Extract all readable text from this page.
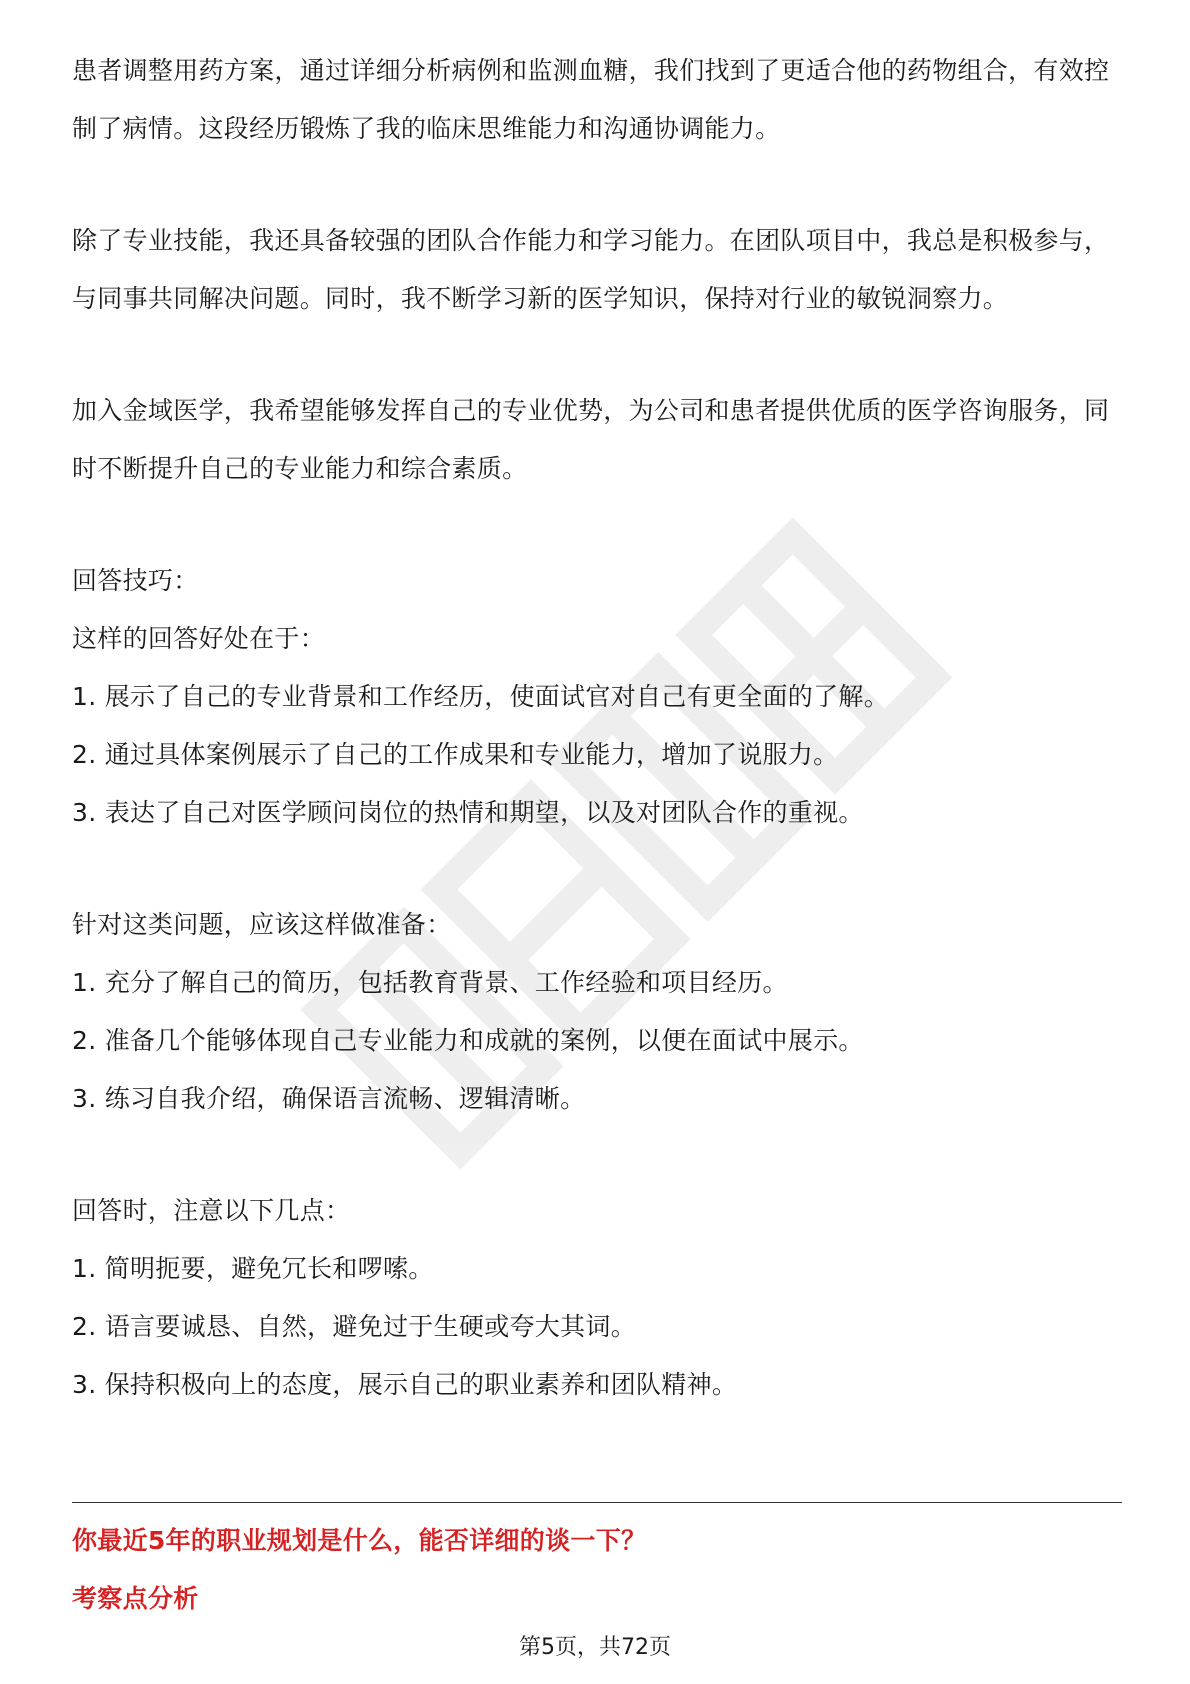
患者调整用药方案，通过详细分析病例和监测血糖，我们找到了更适合他的药物组合，有效控制了病情。这段经历锻炼了我的临床思维能力和沟通协调能力。

除了专业技能，我还具备较强的团队合作能力和学习能力。在团队项目中，我总是积极参与，与同事共同解决问题。同时，我不断学习新的医学知识，保持对行业的敏锐洞察力。

加入金域医学，我希望能够发挥自己的专业优势，为公司和患者提供优质的医学咨询服务，同时不断提升自己的专业能力和综合素质。

回答技巧：

这样的回答好处在于：

1. 展示了自己的专业背景和工作经历，使面试官对自己有更全面的了解。

2. 通过具体案例展示了自己的工作成果和专业能力，增加了说服力。

3. 表达了自己对医学顾问岗位的热情和期望，以及对团队合作的重视。

针对这类问题，应该这样做准备：

1. 充分了解自己的简历，包括教育背景、工作经验和项目经历。

2. 准备几个能够体现自己专业能力和成就的案例，以便在面试中展示。

3. 练习自我介绍，确保语言流畅、逻辑清晰。

回答时，注意以下几点：

1. 简明扼要，避免冗长和啰嗦。

2. 语言要诚恳、自然，避免过于生硬或夸大其词。

3. 保持积极向上的态度，展示自己的职业素养和团队精神。

你最近5年的职业规划是什么，能否详细的谈一下？
考察点分析
第5页，共72页
